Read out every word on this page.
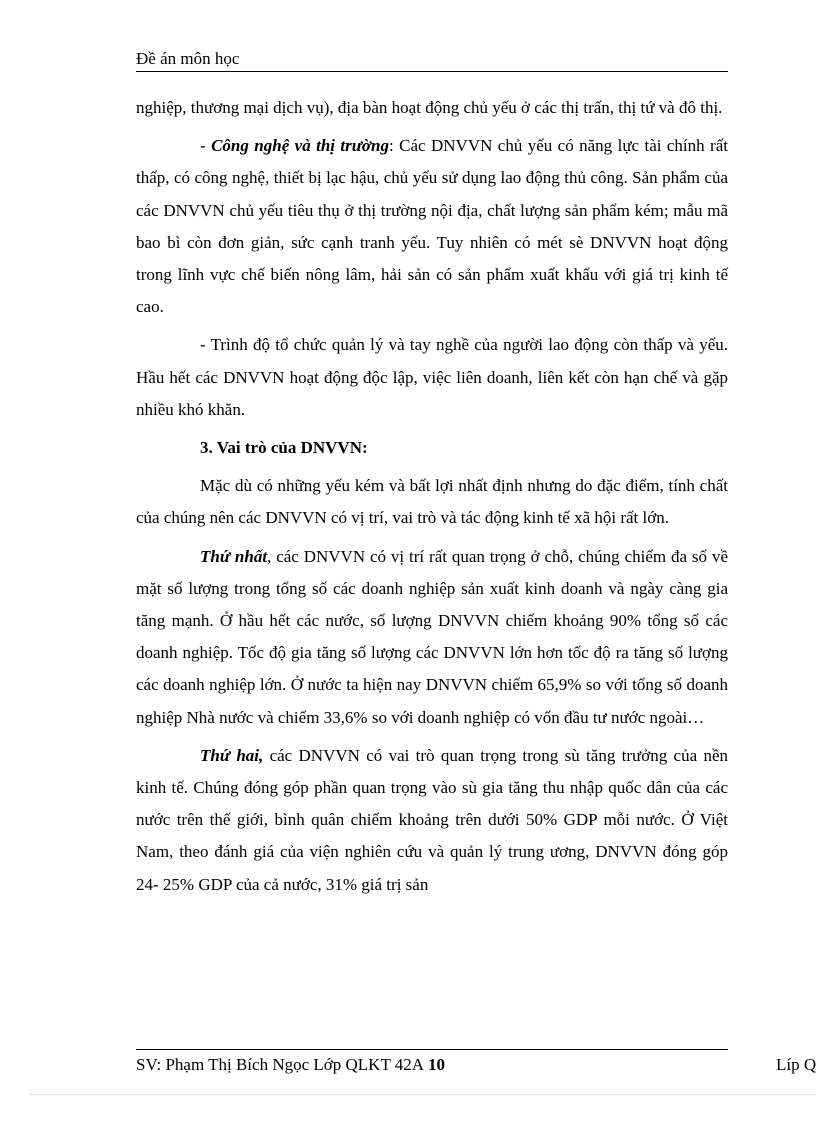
Đề án môn học

nghiệp, thương mại dịch vụ), địa bàn hoạt động chủ yếu ở các thị trấn, thị tứ và đô thị.

- Công nghệ và thị trường: Các DNVVN chủ yếu có năng lực tài chính rất thấp, có công nghệ, thiết bị lạc hậu, chủ yếu sử dụng lao động thủ công. Sản phẩm của các DNVVN chủ yếu tiêu thụ ở thị trường nội địa, chất lượng sản phẩm kém; mẫu mã bao bì còn đơn giản, sức cạnh tranh yếu. Tuy nhiên có mét sè DNVVN hoạt động trong lĩnh vực chế biến nông lâm, hải sản có sản phẩm xuất khẩu với giá trị kinh tế cao.

- Trình độ tổ chức quản lý và tay nghề của người lao động còn thấp và yếu. Hầu hết các DNVVN hoạt động độc lập, việc liên doanh, liên kết còn hạn chế và gặp nhiều khó khăn.

3. Vai trò của DNVVN:

Mặc dù có những yếu kém và bất lợi nhất định nhưng do đặc điểm, tính chất của chúng nên các DNVVN có vị trí, vai trò và tác động kinh tế xã hội rất lớn.

Thứ nhất, các DNVVN có vị trí rất quan trọng ở chỗ, chúng chiếm đa số về mặt số lượng trong tổng số các doanh nghiệp sản xuất kinh doanh và ngày càng gia tăng mạnh. Ở hầu hết các nước, số lượng DNVVN chiếm khoảng 90% tổng số các doanh nghiệp. Tốc độ gia tăng số lượng các DNVVN lớn hơn tốc độ ra tăng số lượng các doanh nghiệp lớn. Ở nước ta hiện nay DNVVN chiếm 65,9% so với tổng số doanh nghiệp Nhà nước và chiếm 33,6% so với doanh nghiệp có vốn đầu tư nước ngoài…

Thứ hai, các DNVVN có vai trò quan trọng trong sù tăng trưởng của nền kinh tế. Chúng đóng góp phần quan trọng vào sù gia tăng thu nhập quốc dân của các nước trên thế giới, bình quân chiếm khoảng trên dưới 50% GDP mỗi nước. Ở Việt Nam, theo đánh giá của viện nghiên cứu và quản lý trung ương, DNVVN đóng góp 24- 25% GDP của cả nước, 31% giá trị sản

SV: Phạm Thị Bích Ngọc Lớp QLKT 42A 10	Líp Q
